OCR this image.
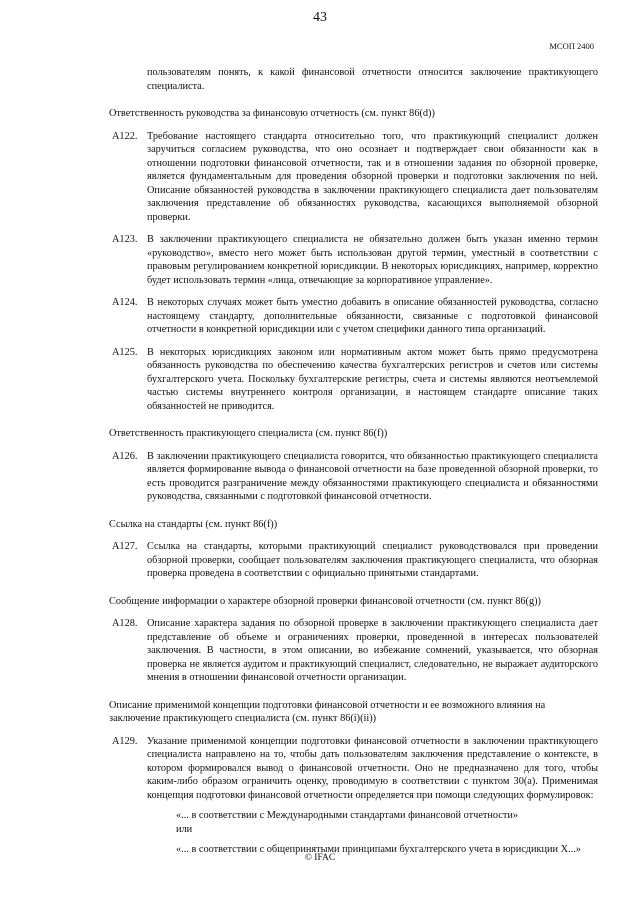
43
МСОП 2400

пользователям понять, к какой финансовой отчетности относится заключение практикующего специалиста.

Ответственность руководства за финансовую отчетность (см. пункт 86(d))

A122. Требование настоящего стандарта относительно того, что практикующий специалист должен заручиться согласием руководства, что оно осознает и подтверждает свои обязанности как в отношении подготовки финансовой отчетности, так и в отношении задания по обзорной проверке, является фундаментальным для проведения обзорной проверки и подготовки заключения по ней. Описание обязанностей руководства в заключении практикующего специалиста дает пользователям заключения представление об обязанностях руководства, касающихся выполняемой обзорной проверки.
A123. В заключении практикующего специалиста не обязательно должен быть указан именно термин «руководство», вместо него может быть использован другой термин, уместный в соответствии с правовым регулированием конкретной юрисдикции. В некоторых юрисдикциях, например, корректно будет использовать термин «лица, отвечающие за корпоративное управление».
A124. В некоторых случаях может быть уместно добавить в описание обязанностей руководства, согласно настоящему стандарту, дополнительные обязанности, связанные с подготовкой финансовой отчетности в конкретной юрисдикции или с учетом специфики данного типа организаций.
A125. В некоторых юрисдикциях законом или нормативным актом может быть прямо предусмотрена обязанность руководства по обеспечению качества бухгалтерских регистров и счетов или системы бухгалтерского учета. Поскольку бухгалтерские регистры, счета и системы являются неотъемлемой частью системы внутреннего контроля организации, в настоящем стандарте описание таких обязанностей не приводится.

Ответственность практикующего специалиста (см. пункт 86(f))

A126. В заключении практикующего специалиста говорится, что обязанностью практикующего специалиста является формирование вывода о финансовой отчетности на базе проведенной обзорной проверки, то есть проводится разграничение между обязанностями практикующего специалиста и обязанностями руководства, связанными с подготовкой финансовой отчетности.

Ссылка на стандарты (см. пункт 86(f))

A127. Ссылка на стандарты, которыми практикующий специалист руководствовался при проведении обзорной проверки, сообщает пользователям заключения практикующего специалиста, что обзорная проверка проведена в соответствии с официально принятыми стандартами.

Сообщение информации о характере обзорной проверки финансовой отчетности (см. пункт 86(g))

A128. Описание характера задания по обзорной проверке в заключении практикующего специалиста дает представление об объеме и ограничениях проверки, проведенной в интересах пользователей заключения. В частности, в этом описании, во избежание сомнений, указывается, что обзорная проверка не является аудитом и практикующий специалист, следовательно, не выражает аудиторского мнения в отношении финансовой отчетности организации.

Описание применимой концепции подготовки финансовой отчетности и ее возможного влияния на заключение практикующего специалиста (см. пункт 86(i)(ii))

A129. Указание применимой концепции подготовки финансовой отчетности в заключении практикующего специалиста направлено на то, чтобы дать пользователям заключения представление о контексте, в котором формировался вывод о финансовой отчетности. Оно не предназначено для того, чтобы каким-либо образом ограничить оценку, проводимую в соответствии с пунктом 30(а). Применимая концепция подготовки финансовой отчетности определяется при помощи следующих формулировок:

«... в соответствии с Международными стандартами финансовой отчетности»

или

«... в соответствии с общепринятыми принципами бухгалтерского учета в юрисдикции X...»

© IFAC
